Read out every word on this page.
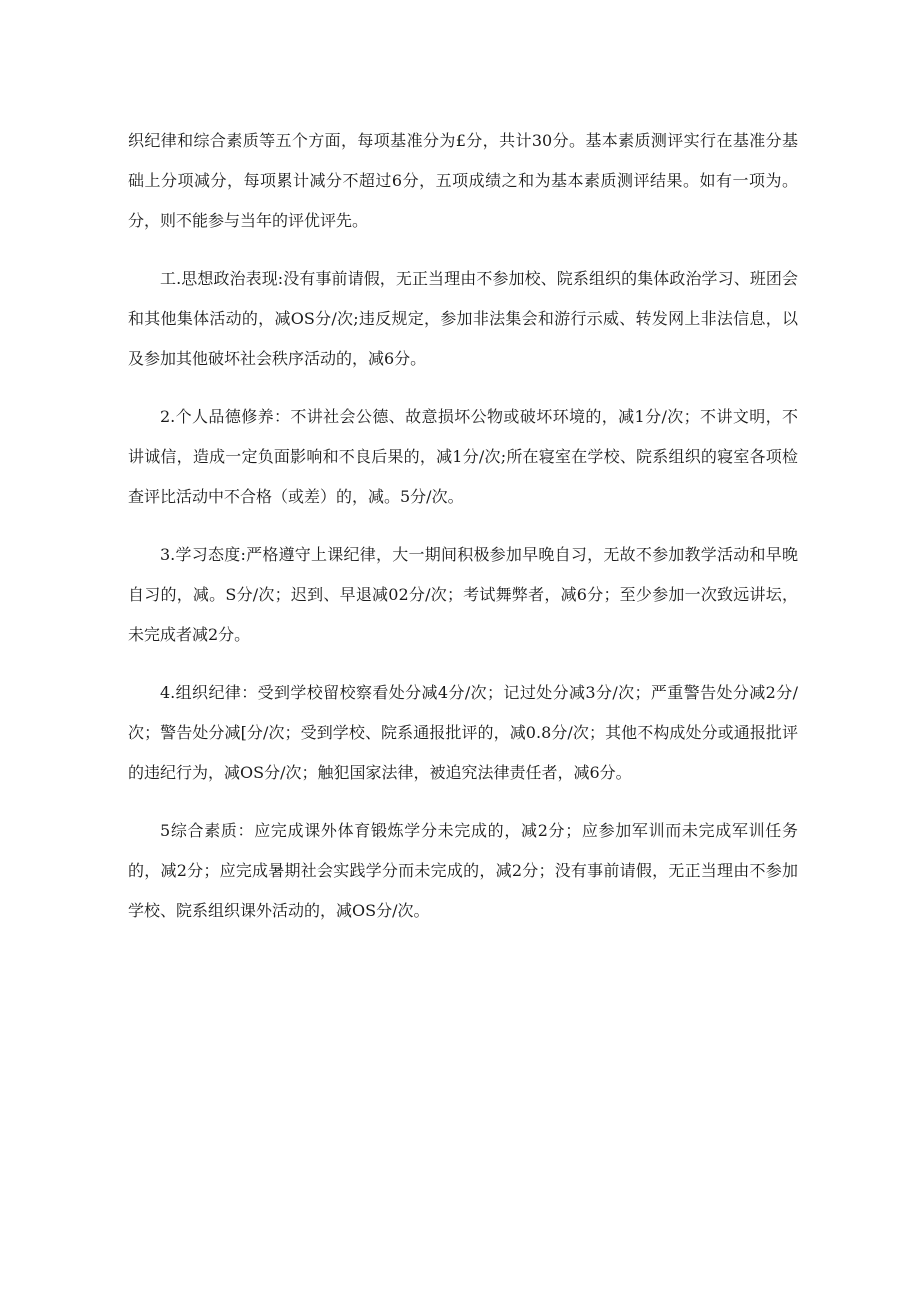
织纪律和综合素质等五个方面，每项基准分为£分，共计30分。基本素质测评实行在基准分基础上分项减分，每项累计减分不超过6分，五项成绩之和为基本素质测评结果。如有一项为。分，则不能参与当年的评优评先。

工.思想政治表现:没有事前请假，无正当理由不参加校、院系组织的集体政治学习、班团会和其他集体活动的，减OS分/次;违反规定，参加非法集会和游行示威、转发网上非法信息，以及参加其他破坏社会秩序活动的，减6分。

2.个人品德修养：不讲社会公德、故意损坏公物或破坏环境的，减1分/次；不讲文明，不讲诚信，造成一定负面影响和不良后果的，减1分/次;所在寝室在学校、院系组织的寝室各项检查评比活动中不合格（或差）的，减。5分/次。

3.学习态度:严格遵守上课纪律，大一期间积极参加早晚自习，无故不参加教学活动和早晚自习的，减。S分/次；迟到、早退减02分/次；考试舞弊者，减6分；至少参加一次致远讲坛，未完成者减2分。

4.组织纪律：受到学校留校察看处分减4分/次；记过处分减3分/次；严重警告处分减2分/次；警告处分减[分/次；受到学校、院系通报批评的，减0.8分/次；其他不构成处分或通报批评的违纪行为，减OS分/次；触犯国家法律，被追究法律责任者，减6分。

5综合素质：应完成课外体育锻炼学分未完成的，减2分；应参加军训而未完成军训任务的，减2分；应完成暑期社会实践学分而未完成的，减2分；没有事前请假，无正当理由不参加学校、院系组织课外活动的，减OS分/次。
